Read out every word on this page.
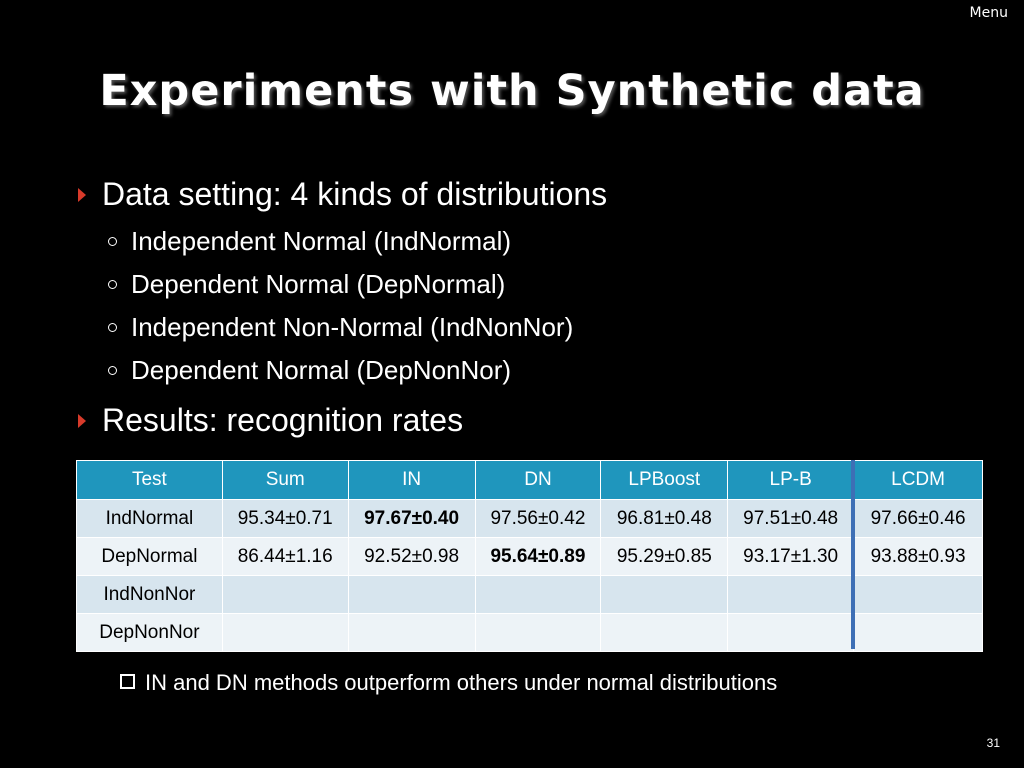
Menu
Experiments with Synthetic data
Data setting: 4 kinds of distributions
Independent Normal (IndNormal)
Dependent Normal (DepNormal)
Independent Non-Normal (IndNonNor)
Dependent Normal (DepNonNor)
Results: recognition rates
Test	Sum	IN	DN	LPBoost	LP-B	LCDM
IndNormal	95.34±0.71	97.67±0.40	97.56±0.42	96.81±0.48	97.51±0.48	97.66±0.46
DepNormal	86.44±1.16	92.52±0.98	95.64±0.89	95.29±0.85	93.17±1.30	93.88±0.93
IndNonNor						
DepNonNor						
IN and DN methods outperform others under normal distributions
31
